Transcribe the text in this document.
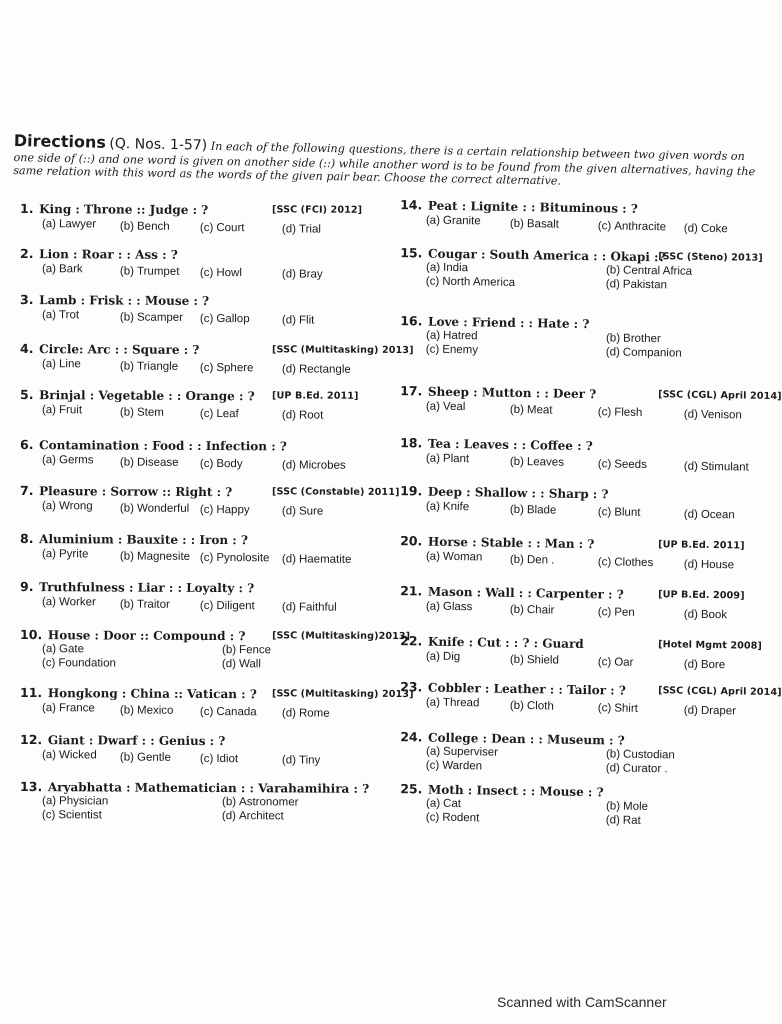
Directions (Q. Nos. 1-57) In each of the following questions, there is a certain relationship between two given words on one side of (::) and one word is given on another side (::) while another word is to be found from the given alternatives, having the same relation with this word as the words of the given pair bear. Choose the correct alternative.
1. King : Throne :: Judge : ?	[SSC (FCI) 2012]
(a) Lawyer (b) Bench	(c) Court	(d) Trial
2. Lion : Roar : : Ass : ?
(a) Bark	(b) Trumpet (c) Howl	(d) Bray
3. Lamb : Frisk : : Mouse : ?
(a) Trot	(b) Scamper (c) Gallop	(d) Flit
4. Circle: Arc : : Square : ?	[SSC (Multitasking) 2013]
(a) Line	(b) Triangle (c) Sphere (d) Rectangle
5. Brinjal : Vegetable : : Orange : ?	[UP B.Ed. 2011]
(a) Fruit	(b) Stem	(c) Leaf	(d) Root
6. Contamination : Food : : Infection : ?
(a) Germs (b) Disease (c) Body	(d) Microbes
7. Pleasure : Sorrow :: Right : ?	[SSC (Constable) 2011]
(a) Wrong (b) Wonderful (c) Happy	(d) Sure
8. Aluminium : Bauxite : : Iron : ?
(a) Pyrite	(b) Magnesite (c) Pynolosite (d) Haematite
9. Truthfulness : Liar : : Loyalty : ?
(a) Worker (b) Traitor	(c) Diligent (d) Faithful
10. House : Door :: Compound : ?	[SSC (Multitasking)2013]
(a) Gate	(b) Fence
(c) Foundation	(d) Wall
11. Hongkong : China :: Vatican : ?	[SSC (Multitasking) 2013]
(a) France (b) Mexico (c) Canada (d) Rome
12. Giant : Dwarf : : Genius : ?
(a) Wicked (b) Gentle	(c) Idiot	(d) Tiny
13. Aryabhatta : Mathematician : : Varahamihira : ?
(a) Physician	(b) Astronomer
(c) Scientist	(d) Architect
14. Peat : Lignite : : Bituminous : ?
(a) Granite	(b) Basalt	(c) Anthracite (d) Coke
15. Cougar : South America : : Okapi :?
[SSC (Steno) 2013]
(a) India	(b) Central Africa
(c) North America	(d) Pakistan
16. Love : Friend : : Hate : ?
(a) Hatred	(b) Brother
(c) Enemy	(d) Companion
17. Sheep : Mutton : : Deer ?	[SSC (CGL) April 2014]
(a) Veal	(b) Meat	(c) Flesh	(d) Venison
18. Tea : Leaves : : Coffee : ?
(a) Plant	(b) Leaves	(c) Seeds	(d) Stimulant
19. Deep : Shallow : : Sharp : ?
(a) Knife	(b) Blade	(c) Blunt	(d) Ocean
20. Horse : Stable : : Man : ?	[UP B.Ed. 2011]
(a) Woman (b) Den .	(c) Clothes	(d) House
21. Mason : Wall : : Carpenter : ?	[UP B.Ed. 2009]
(a) Glass	(b) Chair	(c) Pen	(d) Book
22. Knife : Cut : : ? : Guard	[Hotel Mgmt 2008]
(a) Dig	(b) Shield	(c) Oar	(d) Bore
23. Cobbler : Leather : : Tailor : ?	[SSC (CGL) April 2014]
(a) Thread	(b) Cloth	(c) Shirt	(d) Draper
24. College : Dean : : Museum : ?
(a) Superviser	(b) Custodian
(c) Warden	(d) Curator .
25. Moth : Insect : : Mouse : ?
(a) Cat	(b) Mole
(c) Rodent	(d) Rat
Scanned with CamScanner
